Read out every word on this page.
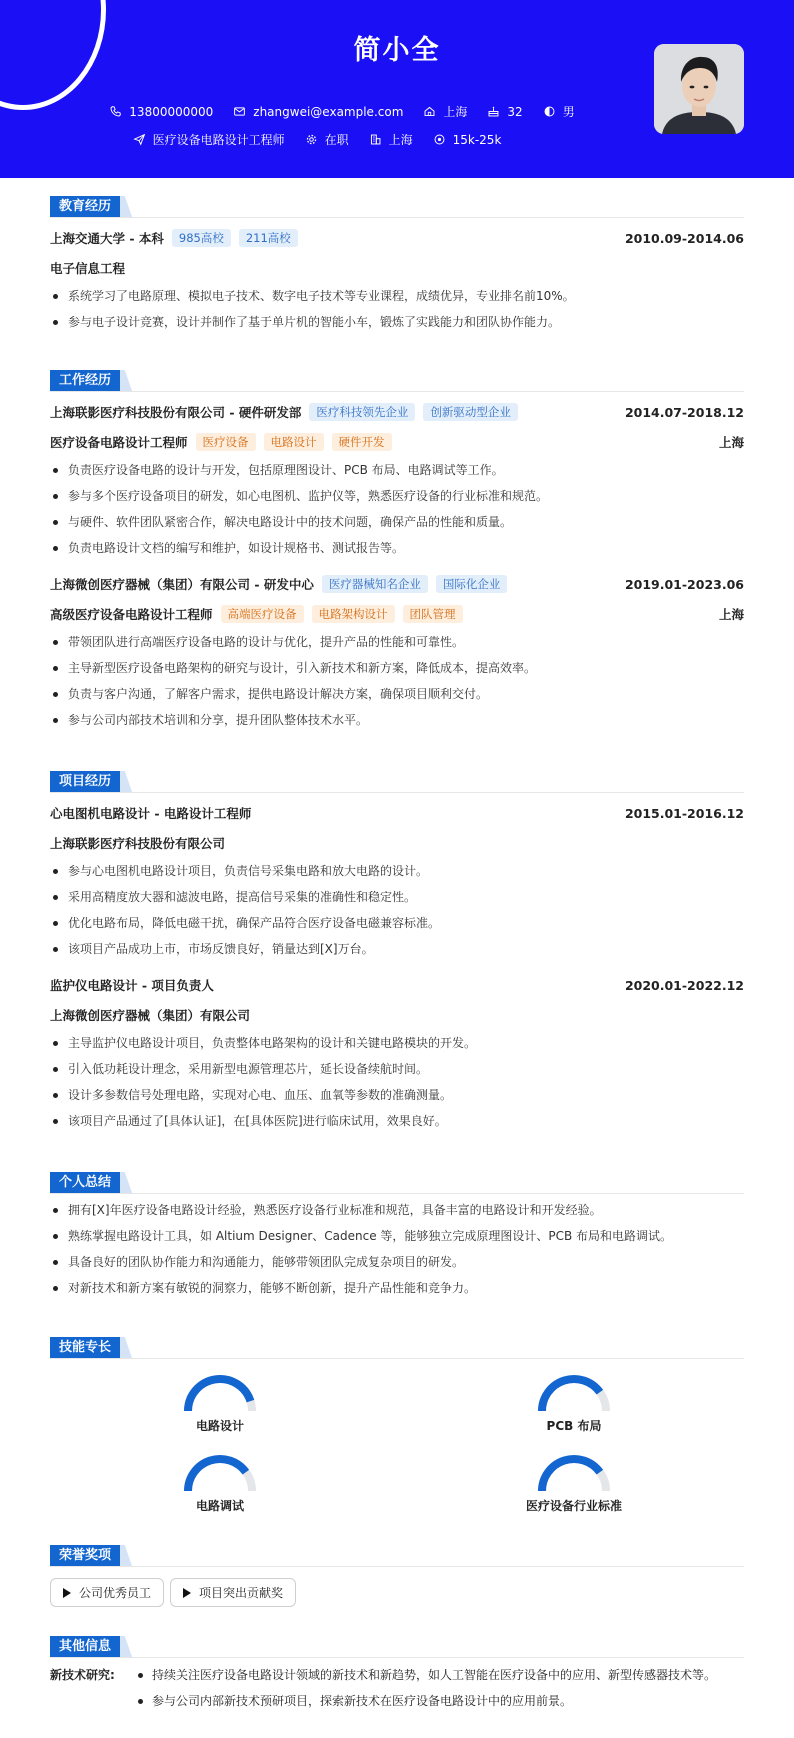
简小全
13800000000	zhangwei@example.com	上海	32	男
医疗设备电路设计工程师	在职	上海	15k-25k
教育经历
上海交通大学 - 本科	985高校	211高校	2010.09-2014.06
电子信息工程
系统学习了电路原理、模拟电子技术、数字电子技术等专业课程，成绩优异，专业排名前10%。
参与电子设计竞赛，设计并制作了基于单片机的智能小车，锻炼了实践能力和团队协作能力。
工作经历
上海联影医疗科技股份有限公司 - 硬件研发部	医疗科技领先企业	创新驱动型企业	2014.07-2018.12
医疗设备电路设计工程师	医疗设备	电路设计	硬件开发	上海
负责医疗设备电路的设计与开发，包括原理图设计、PCB 布局、电路调试等工作。
参与多个医疗设备项目的研发，如心电图机、监护仪等，熟悉医疗设备的行业标准和规范。
与硬件、软件团队紧密合作，解决电路设计中的技术问题，确保产品的性能和质量。
负责电路设计文档的编写和维护，如设计规格书、测试报告等。
上海微创医疗器械（集团）有限公司 - 研发中心	医疗器械知名企业	国际化企业	2019.01-2023.06
高级医疗设备电路设计工程师	高端医疗设备	电路架构设计	团队管理	上海
带领团队进行高端医疗设备电路的设计与优化，提升产品的性能和可靠性。
主导新型医疗设备电路架构的研究与设计，引入新技术和新方案，降低成本，提高效率。
负责与客户沟通，了解客户需求，提供电路设计解决方案，确保项目顺利交付。
参与公司内部技术培训和分享，提升团队整体技术水平。
项目经历
心电图机电路设计 - 电路设计工程师	2015.01-2016.12
上海联影医疗科技股份有限公司
参与心电图机电路设计项目，负责信号采集电路和放大电路的设计。
采用高精度放大器和滤波电路，提高信号采集的准确性和稳定性。
优化电路布局，降低电磁干扰，确保产品符合医疗设备电磁兼容标准。
该项目产品成功上市，市场反馈良好，销量达到[X]万台。
监护仪电路设计 - 项目负责人	2020.01-2022.12
上海微创医疗器械（集团）有限公司
主导监护仪电路设计项目，负责整体电路架构的设计和关键电路模块的开发。
引入低功耗设计理念，采用新型电源管理芯片，延长设备续航时间。
设计多参数信号处理电路，实现对心电、血压、血氧等参数的准确测量。
该项目产品通过了[具体认证]，在[具体医院]进行临床试用，效果良好。
个人总结
拥有[X]年医疗设备电路设计经验，熟悉医疗设备行业标准和规范，具备丰富的电路设计和开发经验。
熟练掌握电路设计工具，如 Altium Designer、Cadence 等，能够独立完成原理图设计、PCB 布局和电路调试。
具备良好的团队协作能力和沟通能力，能够带领团队完成复杂项目的研发。
对新技术和新方案有敏锐的洞察力，能够不断创新，提升产品性能和竞争力。
技能专长
电路设计	PCB 布局
电路调试	医疗设备行业标准
荣誉奖项
公司优秀员工	项目突出贡献奖
其他信息
新技术研究:	持续关注医疗设备电路设计领域的新技术和新趋势，如人工智能在医疗设备中的应用、新型传感器技术等。
参与公司内部新技术预研项目，探索新技术在医疗设备电路设计中的应用前景。
